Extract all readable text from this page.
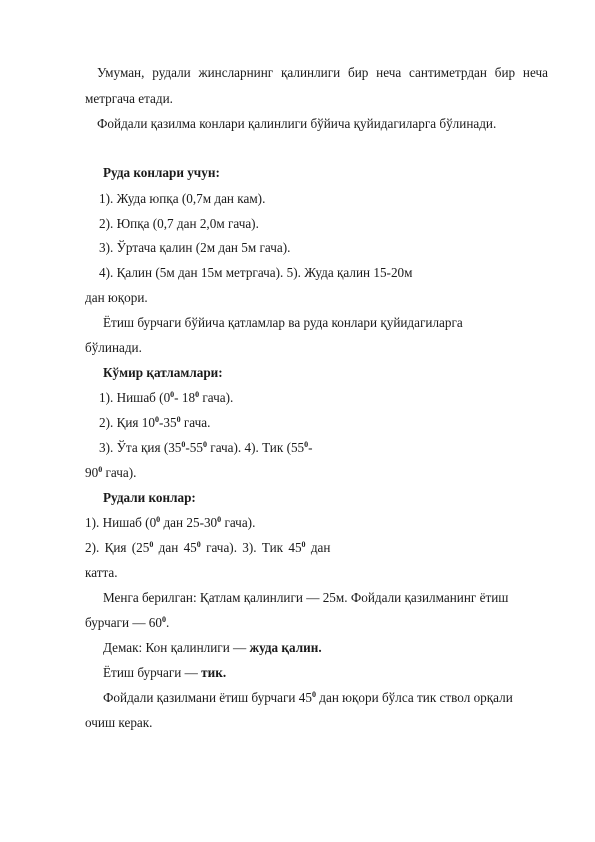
Умуман, рудали жинсларнинг қалинлиги бир неча сантиметрдан бир неча
метргача етади.
Фойдали қазилма конлари қалинлиги бўйича қуйидагиларга бўлинади.
Руда конлари учун:
1). Жуда юпқа (0,7м дан кам).
2). Юпқа (0,7 дан 2,0м гача).
3). Ўртача қалин (2м дан 5м гача).
4). Қалин (5м дан 15м метргача). 5). Жуда қалин 15-20м
дан юқори.
Ётиш бурчаги бўйича қатламлар ва руда конлари қуйидагиларга
бўлинади.
Кўмир қатламлари:
1). Нишаб ($0^0-$ $18^0$ гача).
2). Қия $10^0-35^0$ гача.
3). Ўта қия ($35^0-55^0$ гача). 4). Тик ($55^0-$
$90^0$ гача).
Рудали конлар:
1). Нишаб ($0^0$ дан $25-30^0$ гача).
2). Қия ($25^0$ дан $45^0$ гача). 3). Тик $45^0$ дан
катта.
Менга берилган: Қатлам қалинлиги — 25м. Фойдали қазилманинг ётиш
бурчаги — $60^0$.
Демак: Кон қалинлиги — жуда қалин.
Ётиш бурчаги — тик.
Фойдали қазилмани ётиш бурчаги $45^0$ дан юқори бўлса тик ствол орқали
очиш керак.
